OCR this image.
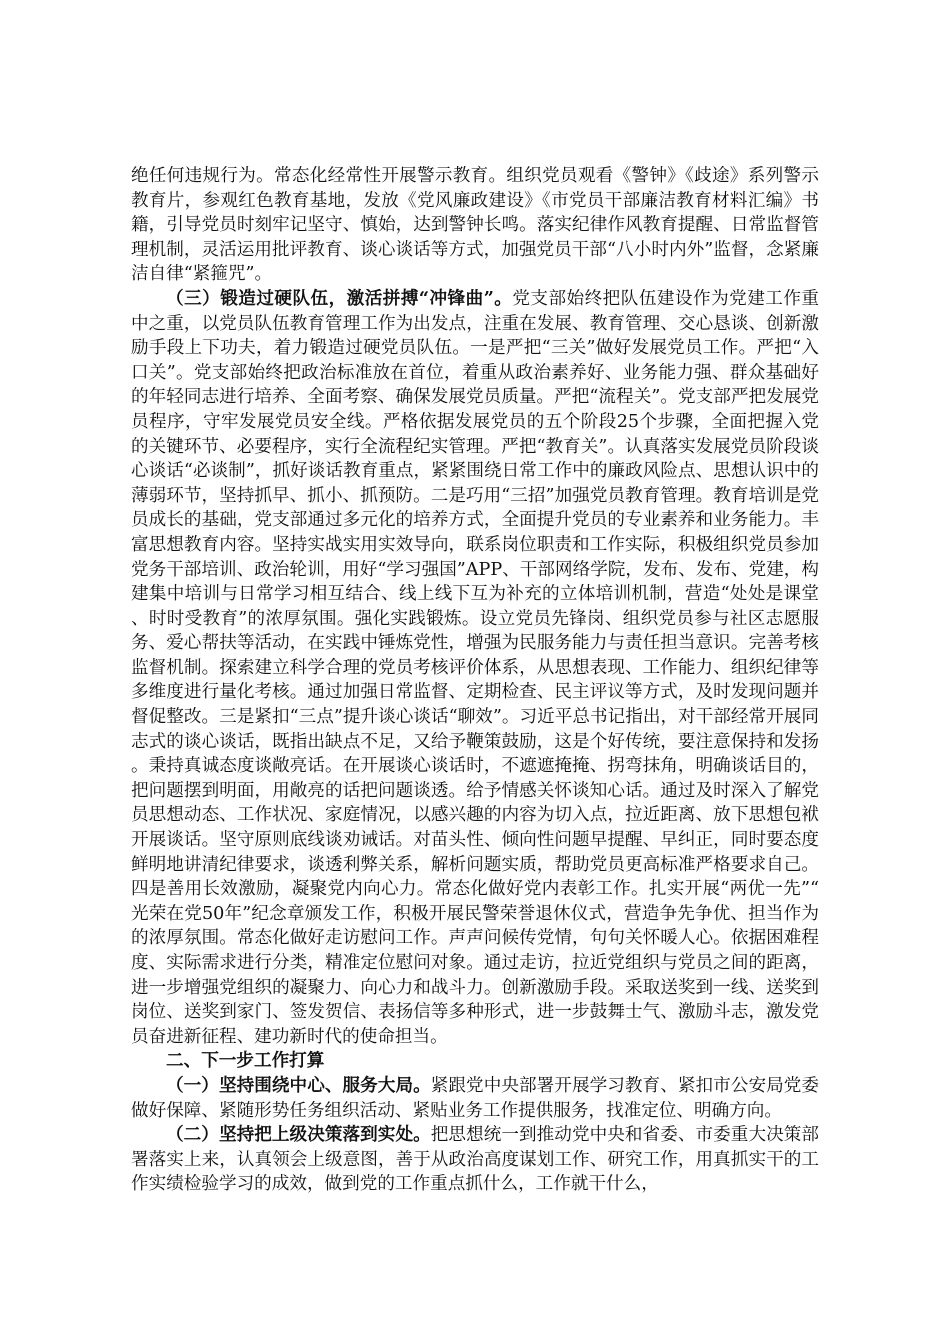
绝任何违规行为。常态化经常性开展警示教育。组织党员观看《警钟》《歧途》系列警示教育片，参观红色教育基地，发放《党风廉政建设》《市党员干部廉洁教育材料汇编》书籍，引导党员时刻牢记坚守、慎始，达到警钟长鸣。落实纪律作风教育提醒、日常监督管理机制，灵活运用批评教育、谈心谈话等方式，加强党员干部“八小时内外”监督，念紧廉洁自律“紧箍咒”。

（三）锻造过硬队伍，激活拼搏“冲锋曲”。党支部始终把队伍建设作为党建工作重中之重，以党员队伍教育管理工作为出发点，注重在发展、教育管理、交心恳谈、创新激励手段上下功夫，着力锻造过硬党员队伍。一是严把“三关”做好发展党员工作。严把“入口关”。党支部始终把政治标准放在首位，着重从政治素养好、业务能力强、群众基础好的年轻同志进行培养、全面考察、确保发展党员质量。严把“流程关”。党支部严把发展党员程序，守牢发展党员安全线。严格依据发展党员的五个阶段25个步骤，全面把握入党的关键环节、必要程序，实行全流程纪实管理。严把“教育关”。认真落实发展党员阶段谈心谈话“必谈制”，抓好谈话教育重点，紧紧围绕日常工作中的廉政风险点、思想认识中的薄弱环节，坚持抓早、抓小、抓预防。二是巧用“三招”加强党员教育管理。教育培训是党员成长的基础，党支部通过多元化的培养方式，全面提升党员的专业素养和业务能力。丰富思想教育内容。坚持实战实用实效导向，联系岗位职责和工作实际，积极组织党员参加党务干部培训、政治轮训，用好“学习强国”APP、干部网络学院，发布、发布、党建，构建集中培训与日常学习相互结合、线上线下互为补充的立体培训机制，营造“处处是课堂、时时受教育”的浓厚氛围。强化实践锻炼。设立党员先锋岗、组织党员参与社区志愿服务、爱心帮扶等活动，在实践中锤炼党性，增强为民服务能力与责任担当意识。完善考核监督机制。探索建立科学合理的党员考核评价体系，从思想表现、工作能力、组织纪律等多维度进行量化考核。通过加强日常监督、定期检查、民主评议等方式，及时发现问题并督促整改。三是紧扣“三点”提升谈心谈话“聊效”。习近平总书记指出，对干部经常开展同志式的谈心谈话，既指出缺点不足，又给予鞭策鼓励，这是个好传统，要注意保持和发扬。秉持真诚态度谈敞亮话。在开展谈心谈话时，不遮遮掩掩、拐弯抹角，明确谈话目的，把问题摆到明面，用敞亮的话把问题谈透。给予情感关怀谈知心话。通过及时深入了解党员思想动态、工作状况、家庭情况，以感兴趣的内容为切入点，拉近距离、放下思想包袱开展谈话。坚守原则底线谈劝诫话。对苗头性、倾向性问题早提醒、早纠正，同时要态度鲜明地讲清纪律要求，谈透利弊关系，解析问题实质，帮助党员更高标准严格要求自己。四是善用长效激励，凝聚党内向心力。常态化做好党内表彰工作。扎实开展“两优一先”“光荣在党50年”纪念章颁发工作，积极开展民警荣誉退休仪式，营造争先争优、担当作为的浓厚氛围。常态化做好走访慰问工作。声声问候传党情，句句关怀暖人心。依据困难程度、实际需求进行分类，精准定位慰问对象。通过走访，拉近党组织与党员之间的距离，进一步增强党组织的凝聚力、向心力和战斗力。创新激励手段。采取送奖到一线、送奖到岗位、送奖到家门、签发贺信、表扬信等多种形式，进一步鼓舞士气、激励斗志，激发党员奋进新征程、建功新时代的使命担当。

二、下一步工作打算

（一）坚持围绕中心、服务大局。紧跟党中央部署开展学习教育、紧扣市公安局党委做好保障、紧随形势任务组织活动、紧贴业务工作提供服务，找准定位、明确方向。

（二）坚持把上级决策落到实处。把思想统一到推动党中央和省委、市委重大决策部署落实上来，认真领会上级意图，善于从政治高度谋划工作、研究工作，用真抓实干的工作实绩检验学习的成效，做到党的工作重点抓什么，工作就干什么，
